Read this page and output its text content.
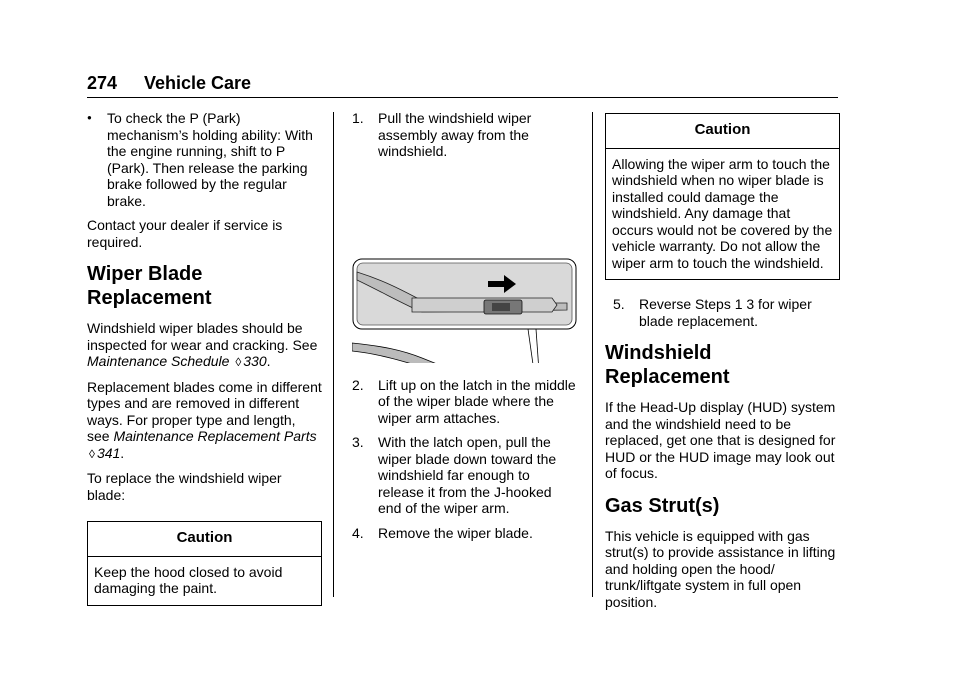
274 Vehicle Care
● To check the P (Park) mechanism’s holding ability: With the engine running, shift to P (Park). Then release the parking brake followed by the regular brake.

Contact your dealer if service is required.

Wiper Blade Replacement

Windshield wiper blades should be inspected for wear and cracking. See Maintenance Schedule ◊ 330.

Replacement blades come in different types and are removed in different ways. For proper type and length, see Maintenance Replacement Parts ◊ 341.

To replace the windshield wiper blade:

Caution
Keep the hood closed to avoid damaging the paint.
1. Pull the windshield wiper assembly away from the windshield.
2. Lift up on the latch in the middle of the wiper blade where the wiper arm attaches.
3. With the latch open, pull the wiper blade down toward the windshield far enough to release it from the J-hooked end of the wiper arm.
4. Remove the wiper blade.
Caution
Allowing the wiper arm to touch the windshield when no wiper blade is installed could damage the windshield. Any damage that occurs would not be covered by the vehicle warranty. Do not allow the wiper arm to touch the windshield.
5. Reverse Steps 1 3 for wiper blade replacement.
Windshield Replacement

If the Head-Up display (HUD) system and the windshield need to be replaced, get one that is designed for HUD or the HUD image may look out of focus.

Gas Strut(s)

This vehicle is equipped with gas strut(s) to provide assistance in lifting and holding open the hood/ trunk/liftgate system in full open position.
